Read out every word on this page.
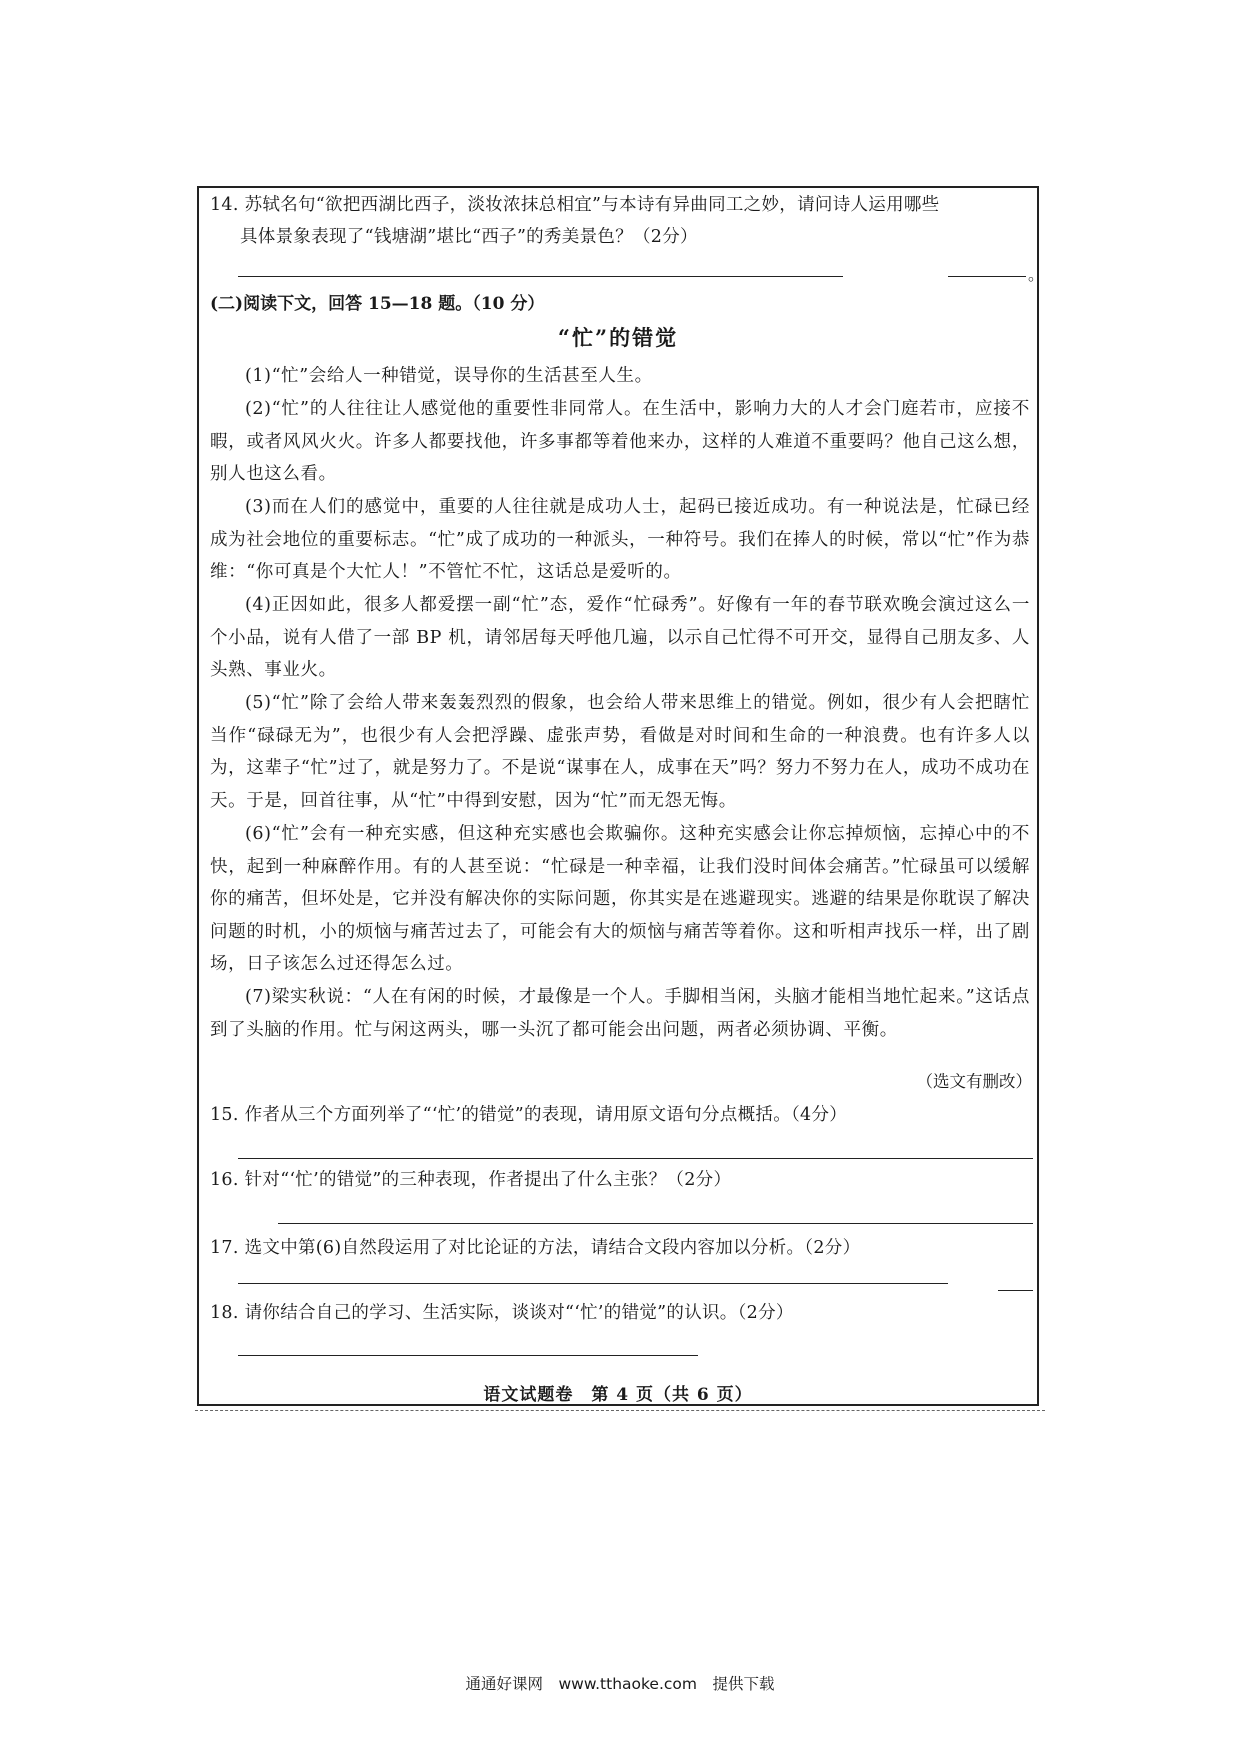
14. 苏轼名句“欲把西湖比西子，淡妆浓抹总相宜”与本诗有异曲同工之妙，请问诗人运用哪些
具体景象表现了“钱塘湖”堪比“西子”的秀美景色？（2分）
。
(二)阅读下文，回答 15—18 题。（10 分）
“忙”的错觉
(1)“忙”会给人一种错觉，误导你的生活甚至人生。
(2)“忙”的人往往让人感觉他的重要性非同常人。在生活中，影响力大的人才会门庭若市，应接不暇，或者风风火火。许多人都要找他，许多事都等着他来办，这样的人难道不重要吗？他自己这么想，别人也这么看。
(3)而在人们的感觉中，重要的人往往就是成功人士，起码已接近成功。有一种说法是，忙碌已经成为社会地位的重要标志。“忙”成了成功的一种派头，一种符号。我们在捧人的时候，常以“忙”作为恭维：“你可真是个大忙人！”不管忙不忙，这话总是爱听的。
(4)正因如此，很多人都爱摆一副“忙”态，爱作“忙碌秀”。好像有一年的春节联欢晚会演过这么一个小品，说有人借了一部 BP 机，请邻居每天呼他几遍，以示自己忙得不可开交，显得自己朋友多、人头熟、事业火。
(5)“忙”除了会给人带来轰轰烈烈的假象，也会给人带来思维上的错觉。例如，很少有人会把瞎忙当作“碌碌无为”，也很少有人会把浮躁、虚张声势，看做是对时间和生命的一种浪费。也有许多人以为，这辈子“忙”过了，就是努力了。不是说“谋事在人，成事在天”吗？努力不努力在人，成功不成功在天。于是，回首往事，从“忙”中得到安慰，因为“忙”而无怨无悔。
(6)“忙”会有一种充实感，但这种充实感也会欺骗你。这种充实感会让你忘掉烦恼，忘掉心中的不快，起到一种麻醉作用。有的人甚至说：“忙碌是一种幸福，让我们没时间体会痛苦。”忙碌虽可以缓解你的痛苦，但坏处是，它并没有解决你的实际问题，你其实是在逃避现实。逃避的结果是你耽误了解决问题的时机，小的烦恼与痛苦过去了，可能会有大的烦恼与痛苦等着你。这和听相声找乐一样，出了剧场，日子该怎么过还得怎么过。
(7)梁实秋说：“人在有闲的时候，才最像是一个人。手脚相当闲，头脑才能相当地忙起来。”这话点到了头脑的作用。忙与闲这两头，哪一头沉了都可能会出问题，两者必须协调、平衡。
（选文有删改）
15. 作者从三个方面列举了“‘忙’的错觉”的表现，请用原文语句分点概括。（4分）
16. 针对“‘忙’的错觉”的三种表现，作者提出了什么主张？（2分）
17. 选文中第(6)自然段运用了对比论证的方法，请结合文段内容加以分析。（2分）
18. 请你结合自己的学习、生活实际，谈谈对“‘忙’的错觉”的认识。（2分）
语文试题卷　第 4 页（共 6 页）
通通好课网　www.tthaoke.com　提供下载
